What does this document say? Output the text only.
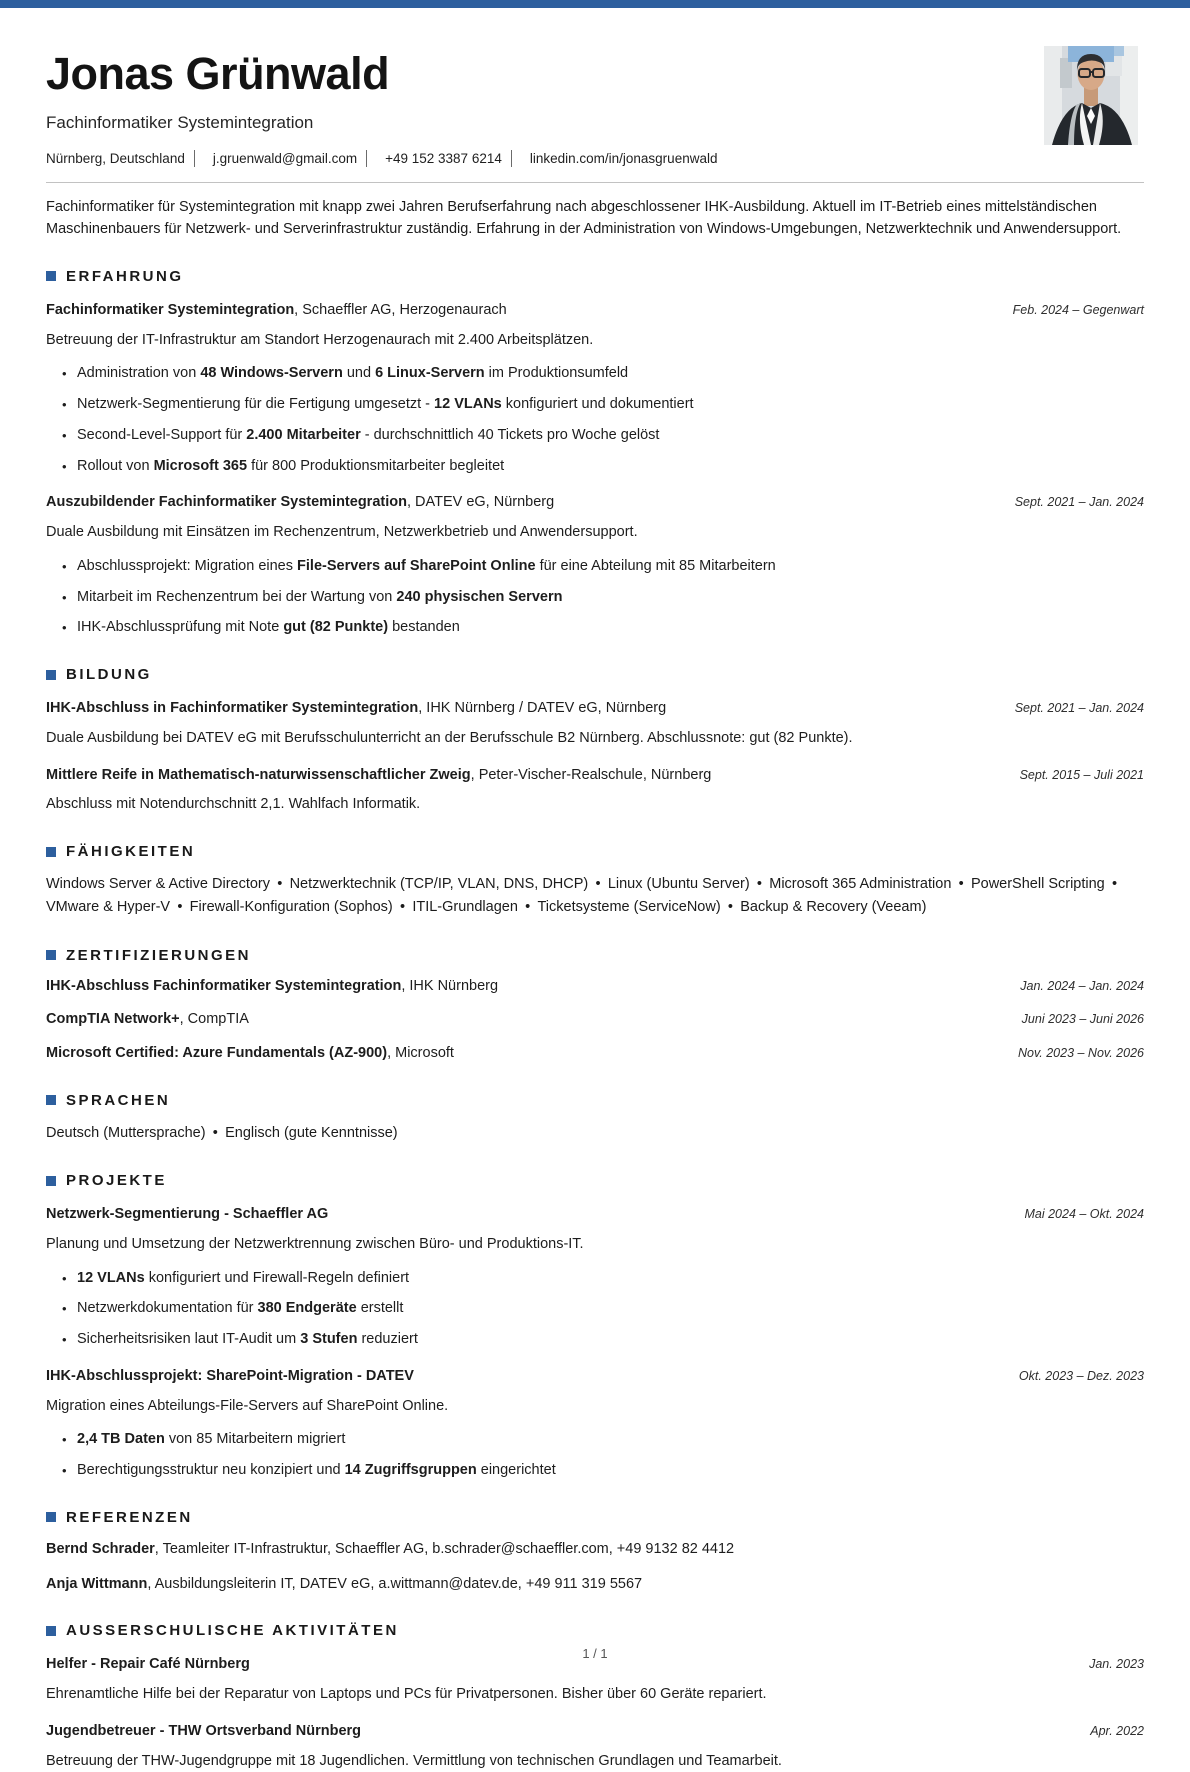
Jonas Grünwald
Fachinformatiker Systemintegration
Nürnberg, Deutschland j.gruenwald@gmail.com +49 152 3387 6214 linkedin.com/in/jonasgruenwald

Fachinformatiker für Systemintegration mit knapp zwei Jahren Berufserfahrung nach abgeschlossener IHK-Ausbildung. Aktuell im IT-Betrieb eines mittelständischen Maschinenbauers für Netzwerk- und Serverinfrastruktur zuständig. Erfahrung in der Administration von Windows-Umgebungen, Netzwerktechnik und Anwendersupport.

ERFAHRUNG
Fachinformatiker Systemintegration, Schaeffler AG, Herzogenaurach	Feb. 2024 – Gegenwart
Betreuung der IT-Infrastruktur am Standort Herzogenaurach mit 2.400 Arbeitsplätzen.
• Administration von 48 Windows-Servern und 6 Linux-Servern im Produktionsumfeld
• Netzwerk-Segmentierung für die Fertigung umgesetzt - 12 VLANs konfiguriert und dokumentiert
• Second-Level-Support für 2.400 Mitarbeiter - durchschnittlich 40 Tickets pro Woche gelöst
• Rollout von Microsoft 365 für 800 Produktionsmitarbeiter begleitet
Auszubildender Fachinformatiker Systemintegration, DATEV eG, Nürnberg	Sept. 2021 – Jan. 2024
Duale Ausbildung mit Einsätzen im Rechenzentrum, Netzwerkbetrieb und Anwendersupport.
• Abschlussprojekt: Migration eines File-Servers auf SharePoint Online für eine Abteilung mit 85 Mitarbeitern
• Mitarbeit im Rechenzentrum bei der Wartung von 240 physischen Servern
• IHK-Abschlussprüfung mit Note gut (82 Punkte) bestanden
BILDUNG
IHK-Abschluss in Fachinformatiker Systemintegration, IHK Nürnberg / DATEV eG, Nürnberg	Sept. 2021 – Jan. 2024
Duale Ausbildung bei DATEV eG mit Berufsschulunterricht an der Berufsschule B2 Nürnberg. Abschlussnote: gut (82 Punkte).
Mittlere Reife in Mathematisch-naturwissenschaftlicher Zweig, Peter-Vischer-Realschule, Nürnberg	Sept. 2015 – Juli 2021
Abschluss mit Notendurchschnitt 2,1. Wahlfach Informatik.
FÄHIGKEITEN

Windows Server & Active Directory • Netzwerktechnik (TCP/IP, VLAN, DNS, DHCP) • Linux (Ubuntu Server) • Microsoft 365 Administration • PowerShell Scripting • VMware & Hyper-V • Firewall-Konfiguration (Sophos) • ITIL-Grundlagen • Ticketsysteme (ServiceNow) • Backup & Recovery (Veeam)

ZERTIFIZIERUNGEN
IHK-Abschluss Fachinformatiker Systemintegration, IHK Nürnberg	Jan. 2024 – Jan. 2024
CompTIA Network+, CompTIA	Juni 2023 – Juni 2026
Microsoft Certified: Azure Fundamentals (AZ-900), Microsoft	Nov. 2023 – Nov. 2026
SPRACHEN

Deutsch (Muttersprache) • Englisch (gute Kenntnisse)

PROJEKTE
Netzwerk-Segmentierung - Schaeffler AG	Mai 2024 – Okt. 2024
Planung und Umsetzung der Netzwerktrennung zwischen Büro- und Produktions-IT.
• 12 VLANs konfiguriert und Firewall-Regeln definiert
• Netzwerkdokumentation für 380 Endgeräte erstellt
• Sicherheitsrisiken laut IT-Audit um 3 Stufen reduziert
IHK-Abschlussprojekt: SharePoint-Migration - DATEV	Okt. 2023 – Dez. 2023
Migration eines Abteilungs-File-Servers auf SharePoint Online.
• 2,4 TB Daten von 85 Mitarbeitern migriert
• Berechtigungsstruktur neu konzipiert und 14 Zugriffsgruppen eingerichtet
REFERENZEN
Bernd Schrader, Teamleiter IT-Infrastruktur, Schaeffler AG, b.schrader@schaeffler.com, +49 9132 82 4412
Anja Wittmann, Ausbildungsleiterin IT, DATEV eG, a.wittmann@datev.de, +49 911 319 5567
AUSSERSCHULISCHE AKTIVITÄTEN
Helfer - Repair Café Nürnberg	Jan. 2023
Ehrenamtliche Hilfe bei der Reparatur von Laptops und PCs für Privatpersonen. Bisher über 60 Geräte repariert.
Jugendbetreuer - THW Ortsverband Nürnberg	Apr. 2022
Betreuung der THW-Jugendgruppe mit 18 Jugendlichen. Vermittlung von technischen Grundlagen und Teamarbeit.
1 / 1
